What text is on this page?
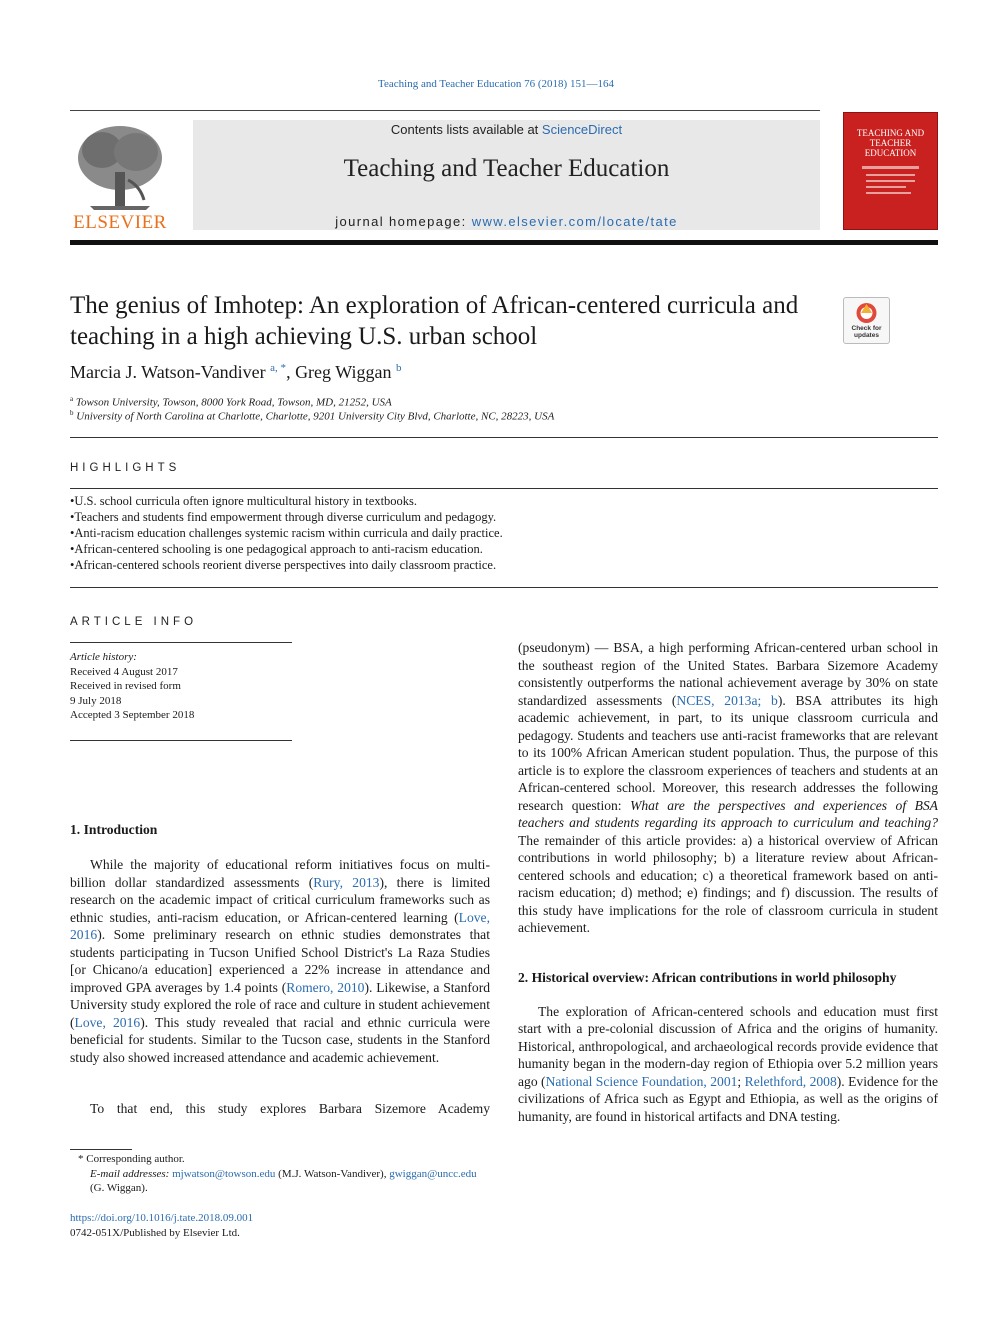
Teaching and Teacher Education 76 (2018) 151—164
ELSEVIER
Contents lists available at ScienceDirect
Teaching and Teacher Education
journal homepage: www.elsevier.com/locate/tate
TEACHING AND TEACHER EDUCATION
The genius of Imhotep: An exploration of African-centered curricula and teaching in a high achieving U.S. urban school	Check for updates
Marcia J. Watson-Vandiver $^{a, *}$, Greg Wiggan $^b$
$^a$ Towson University, Towson, 8000 York Road, Towson, MD, 21252, USA
$^b$ University of North Carolina at Charlotte, Charlotte, 9201 University City Blvd, Charlotte, NC, 28223, USA
HIGHLIGHTS
• U.S. school curricula often ignore multicultural history in textbooks.
• Teachers and students find empowerment through diverse curriculum and pedagogy.
• Anti-racism education challenges systemic racism within curricula and daily practice.
• African-centered schooling is one pedagogical approach to anti-racism education.
• African-centered schools reorient diverse perspectives into daily classroom practice.
ARTICLE INFO
Article history:
Received 4 August 2017
Received in revised form
9 July 2018
Accepted 3 September 2018
1. Introduction

While the majority of educational reform initiatives focus on multi-billion dollar standardized assessments (Rury, 2013), there is limited research on the academic impact of critical curriculum frameworks such as ethnic studies, anti-racism education, or African-centered learning (Love, 2016). Some preliminary research on ethnic studies demonstrates that students participating in Tucson Unified School District's La Raza Studies [or Chicano/a education] experienced a 22% increase in attendance and improved GPA averages by 1.4 points (Romero, 2010). Likewise, a Stanford University study explored the role of race and culture in student achievement (Love, 2016). This study revealed that racial and ethnic curricula were beneficial for students. Similar to the Tucson case, students in the Stanford study also showed increased attendance and academic achievement.

To that end, this study explores Barbara Sizemore Academy

(pseudonym) — BSA, a high performing African-centered urban school in the southeast region of the United States. Barbara Sizemore Academy consistently outperforms the national achievement average by 30% on state standardized assessments (NCES, 2013a; b). BSA attributes its high academic achievement, in part, to its unique classroom curricula and pedagogy. Students and teachers use anti-racist frameworks that are relevant to its 100% African American student population. Thus, the purpose of this article is to explore the classroom experiences of teachers and students at an African-centered school. Moreover, this research addresses the following research question: What are the perspectives and experiences of BSA teachers and students regarding its approach to curriculum and teaching? The remainder of this article provides: a) a historical overview of African contributions in world philosophy; b) a literature review about African-centered schools and education; c) a theoretical framework based on anti-racism education; d) method; e) findings; and f) discussion. The results of this study have implications for the role of classroom curricula in student achievement.

2. Historical overview: African contributions in world philosophy

The exploration of African-centered schools and education must first start with a pre-colonial discussion of Africa and the origins of humanity. Historical, anthropological, and archaeological records provide evidence that humanity began in the modern-day region of Ethiopia over 5.2 million years ago (National Science Foundation, 2001; Relethford, 2008). Evidence for the civilizations of Africa such as Egypt and Ethiopia, as well as the origins of humanity, are found in historical artifacts and DNA testing.

* Corresponding author.
E-mail addresses: mjwatson@towson.edu (M.J. Watson-Vandiver), gwiggan@uncc.edu (G. Wiggan).
https://doi.org/10.1016/j.tate.2018.09.001
0742-051X/Published by Elsevier Ltd.
